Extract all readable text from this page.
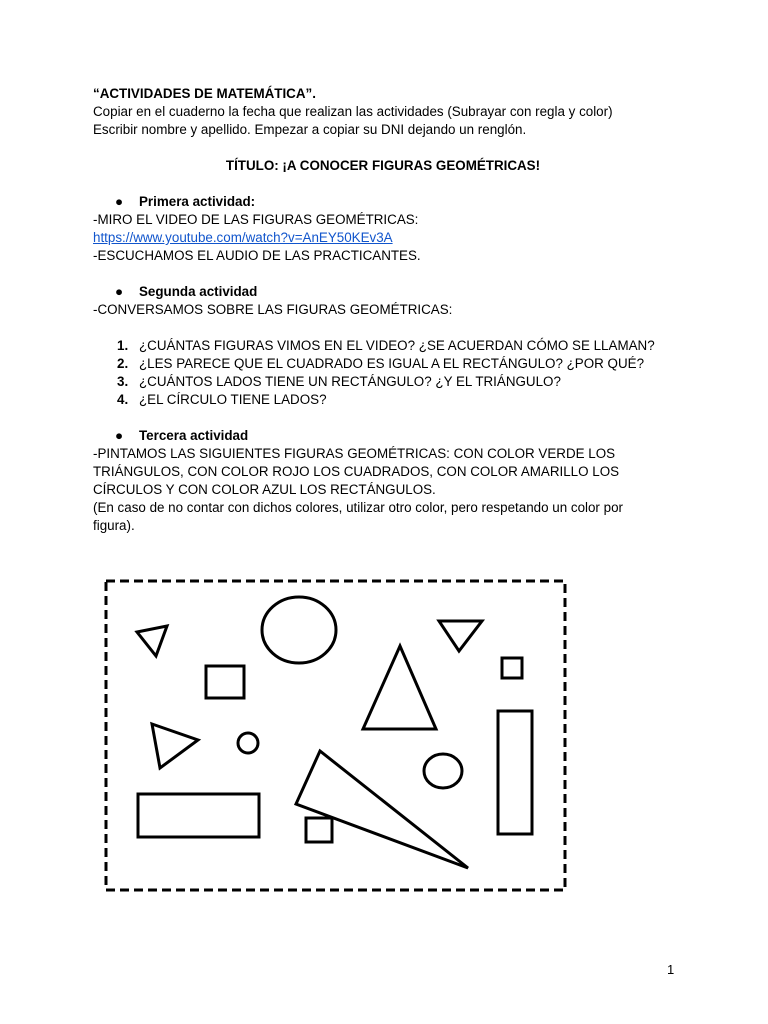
“ACTIVIDADES DE MATEMÁTICA”.
Copiar en el cuaderno la fecha que realizan las actividades (Subrayar con regla y color)
Escribir nombre y apellido. Empezar a copiar su DNI dejando un renglón.
TÍTULO: ¡A CONOCER FIGURAS GEOMÉTRICAS!
●	Primera actividad:
-MIRO EL VIDEO DE LAS FIGURAS GEOMÉTRICAS:
https://www.youtube.com/watch?v=AnEY50KEv3A
-ESCUCHAMOS EL AUDIO DE LAS PRACTICANTES.
●	Segunda actividad
-CONVERSAMOS SOBRE LAS FIGURAS GEOMÉTRICAS:
1. ¿CUÁNTAS FIGURAS VIMOS EN EL VIDEO? ¿SE ACUERDAN CÓMO SE LLAMAN?
2. ¿LES PARECE QUE EL CUADRADO ES IGUAL A EL RECTÁNGULO? ¿POR QUÉ?
3. ¿CUÁNTOS LADOS TIENE UN RECTÁNGULO? ¿Y EL TRIÁNGULO?
4. ¿EL CÍRCULO TIENE LADOS?
●	Tercera actividad
-PINTAMOS LAS SIGUIENTES FIGURAS GEOMÉTRICAS: CON COLOR VERDE LOS TRIÁNGULOS, CON COLOR ROJO LOS CUADRADOS, CON COLOR AMARILLO LOS CÍRCULOS Y CON COLOR AZUL LOS RECTÁNGULOS.
(En caso de no contar con dichos colores, utilizar otro color, pero respetando un color por figura).
1
